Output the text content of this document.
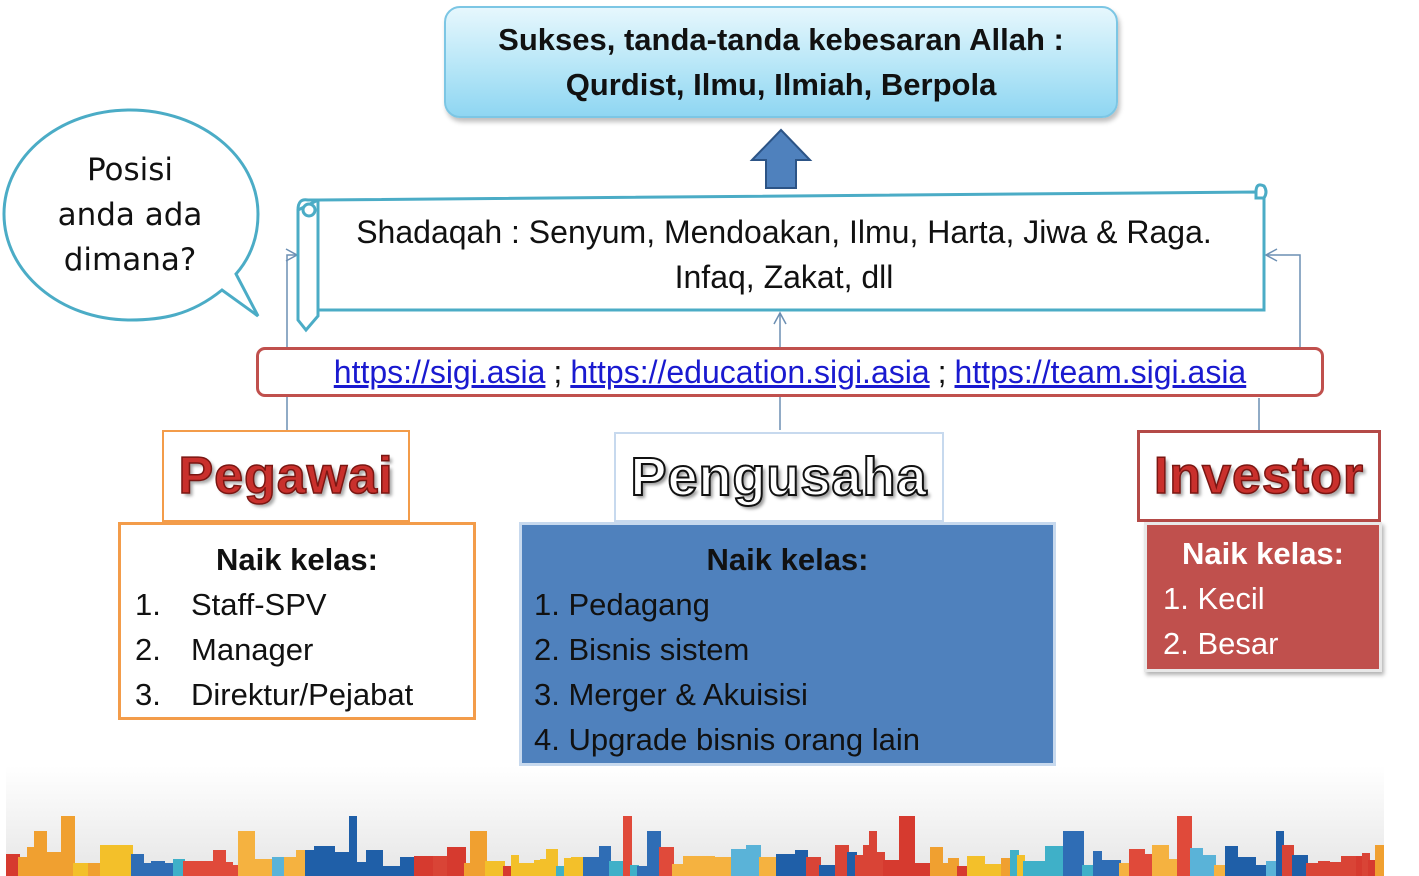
Sukses, tanda-tanda kebesaran Allah :
Qurdist, Ilmu, Ilmiah, Berpola
Posisi
anda ada
dimana?
Shadaqah : Senyum, Mendoakan, Ilmu, Harta, Jiwa & Raga.
Infaq, Zakat, dll
https://sigi.asia ; https://education.sigi.asia ; https://team.sigi.asia
Pegawai	Pengusaha	Investor
Naik kelas:
1. Staff-SPV
2. Manager
3. Direktur/Pejabat
Naik kelas:
1. Pedagang
2. Bisnis sistem
3. Merger & Akuisisi
4. Upgrade bisnis orang lain
Naik kelas:
1. Kecil
2. Besar
